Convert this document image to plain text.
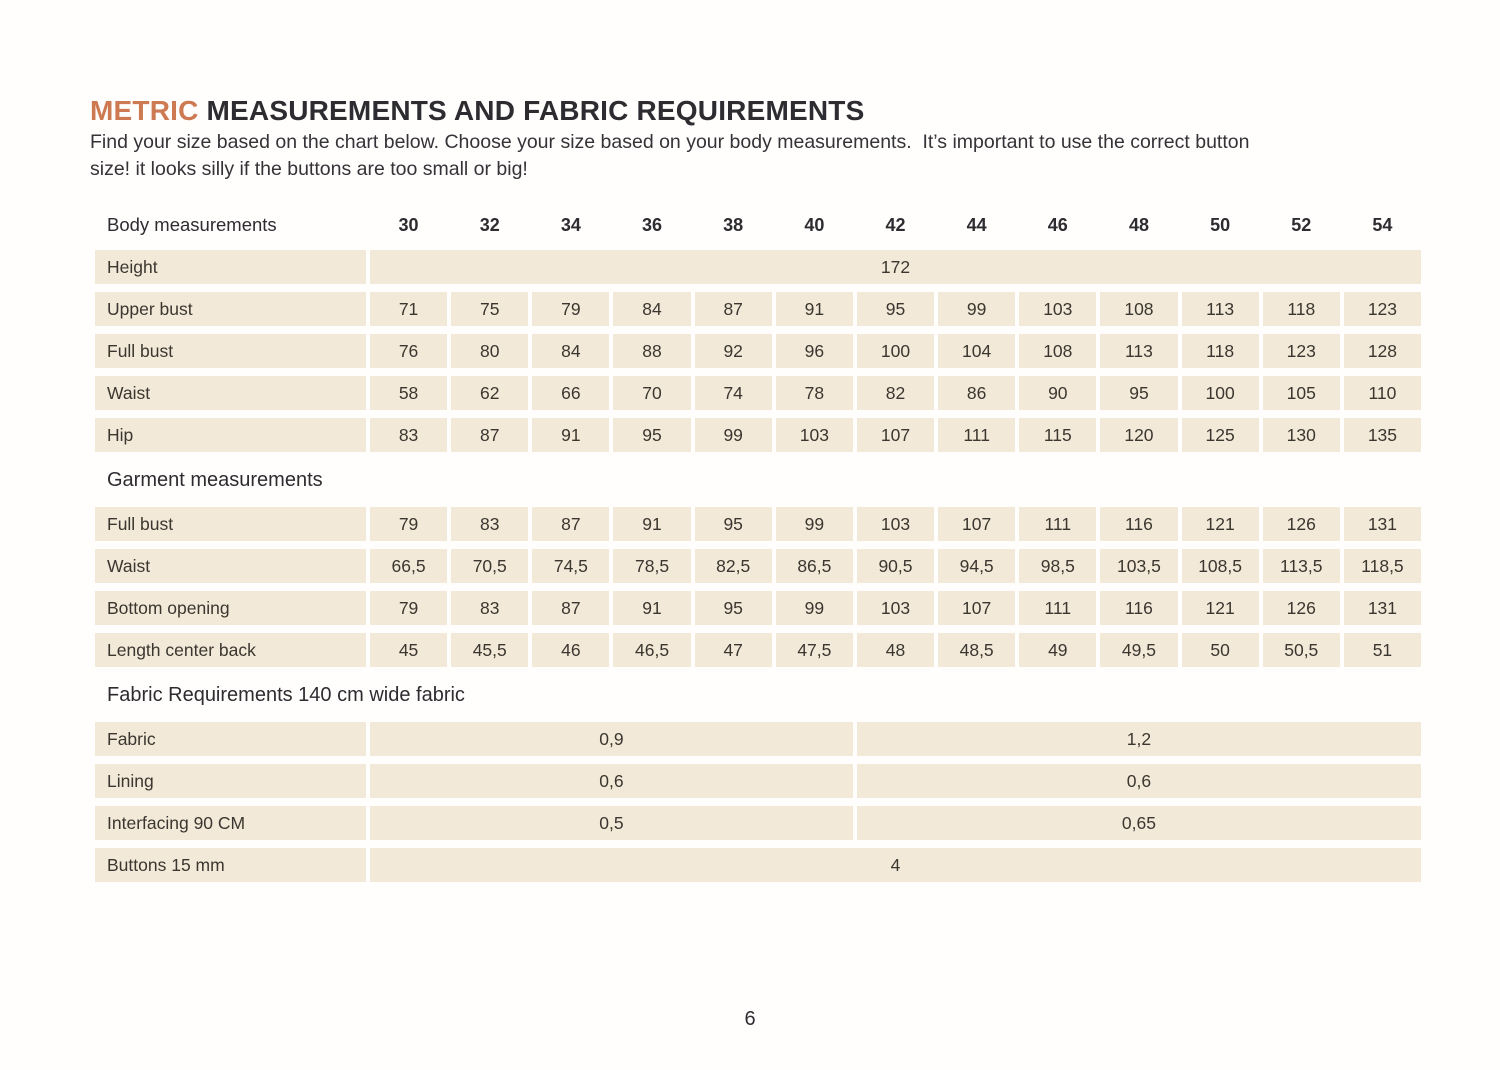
METRIC MEASUREMENTS AND FABRIC REQUIREMENTS

Find your size based on the chart below. Choose your size based on your body measurements.  It’s important to use the correct button
size! it looks silly if the buttons are too small or big!

Body measurements	30	32	34	36	38	40	42	44	46	48	50	52	54
Height	172
Upper bust	71	75	79	84	87	91	95	99	103	108	113	118	123
Full bust	76	80	84	88	92	96	100	104	108	113	118	123	128
Waist	58	62	66	70	74	78	82	86	90	95	100	105	110
Hip	83	87	91	95	99	103	107	111	115	120	125	130	135
Garment measurements
Full bust	79	83	87	91	95	99	103	107	111	116	121	126	131
Waist	66,5	70,5	74,5	78,5	82,5	86,5	90,5	94,5	98,5	103,5	108,5	113,5	118,5
Bottom opening	79	83	87	91	95	99	103	107	111	116	121	126	131
Length center back	45	45,5	46	46,5	47	47,5	48	48,5	49	49,5	50	50,5	51
Fabric Requirements 140 cm wide fabric
Fabric	0,9	1,2
Lining	0,6	0,6
Interfacing 90 CM	0,5	0,65
Buttons 15 mm	4
6
